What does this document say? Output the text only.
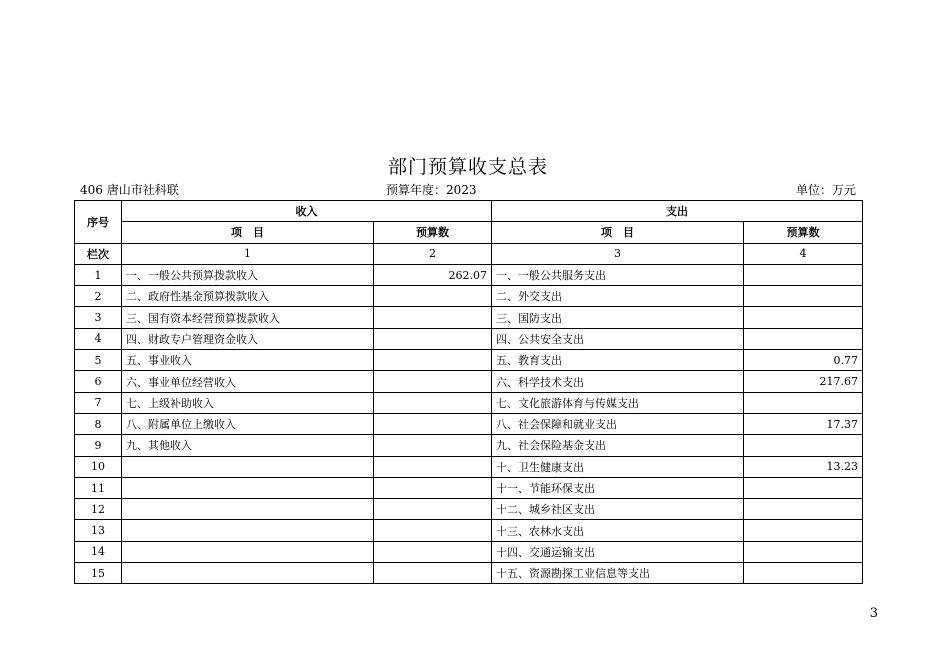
部门预算收支总表
406 唐山市社科联	预算年度：2023	单位：万元
序号	收入		支出	
	项　目	预算数	项　目	预算数
栏次	1	2	3	4
1	一、一般公共预算拨款收入	262.07	一、一般公共服务支出	
2	二、政府性基金预算拨款收入		二、外交支出	
3	三、国有资本经营预算拨款收入		三、国防支出	
4	四、财政专户管理资金收入		四、公共安全支出	
5	五、事业收入		五、教育支出	0.77
6	六、事业单位经营收入		六、科学技术支出	217.67
7	七、上级补助收入		七、文化旅游体育与传媒支出	
8	八、附属单位上缴收入		八、社会保障和就业支出	17.37
9	九、其他收入		九、社会保险基金支出	
10			十、卫生健康支出	13.23
11			十一、节能环保支出	
12			十二、城乡社区支出	
13			十三、农林水支出	
14			十四、交通运输支出	
15			十五、资源勘探工业信息等支出	
3
